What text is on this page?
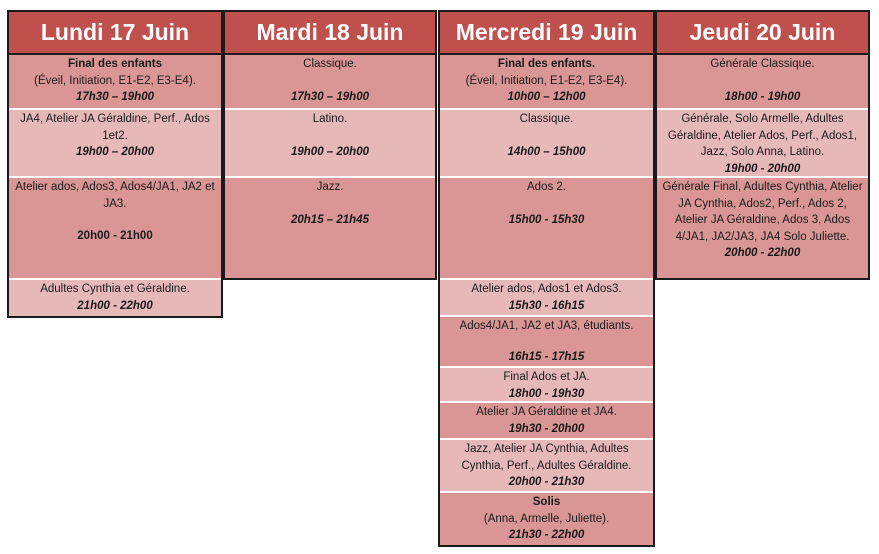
Lundi 17 Juin
Final des enfants
(Éveil, Initiation, E1-E2, E3-E4).
17h30 – 19h00
JA4, Atelier JA Géraldine, Perf., Ados 1et2.
19h00 – 20h00
Atelier ados, Ados3, Ados4/JA1, JA2 et JA3.
20h00 - 21h00
Adultes Cynthia et Géraldine.
21h00 - 22h00
Mardi 18 Juin
Classique.
17h30 – 19h00
Latino.
19h00 – 20h00
Jazz.
20h15 – 21h45
Mercredi 19 Juin
Final des enfants.
(Éveil, Initiation, E1-E2, E3-E4).
10h00 – 12h00
Classique.
14h00 – 15h00
Ados 2.
15h00 - 15h30
Atelier ados, Ados1 et Ados3.
15h30 - 16h15
Ados4/JA1, JA2 et JA3, étudiants.
16h15 - 17h15
Final Ados et JA.
18h00 - 19h30
Atelier JA Géraldine et JA4.
19h30 - 20h00
Jazz, Atelier JA Cynthia, Adultes Cynthia, Perf., Adultes Géraldine.
20h00 - 21h30
Solis
(Anna, Armelle, Juliette).
21h30 - 22h00
Jeudi 20 Juin
Générale Classique.
18h00 - 19h00
Générale, Solo Armelle, Adultes Géraldine, Atelier Ados, Perf., Ados1, Jazz, Solo Anna, Latino.
19h00 - 20h00
Générale Final, Adultes Cynthia, Atelier JA Cynthia, Ados2, Perf., Ados 2, Atelier JA Géraldine, Ados 3, Ados 4/JA1, JA2/JA3, JA4 Solo Juliette.
20h00 - 22h00
